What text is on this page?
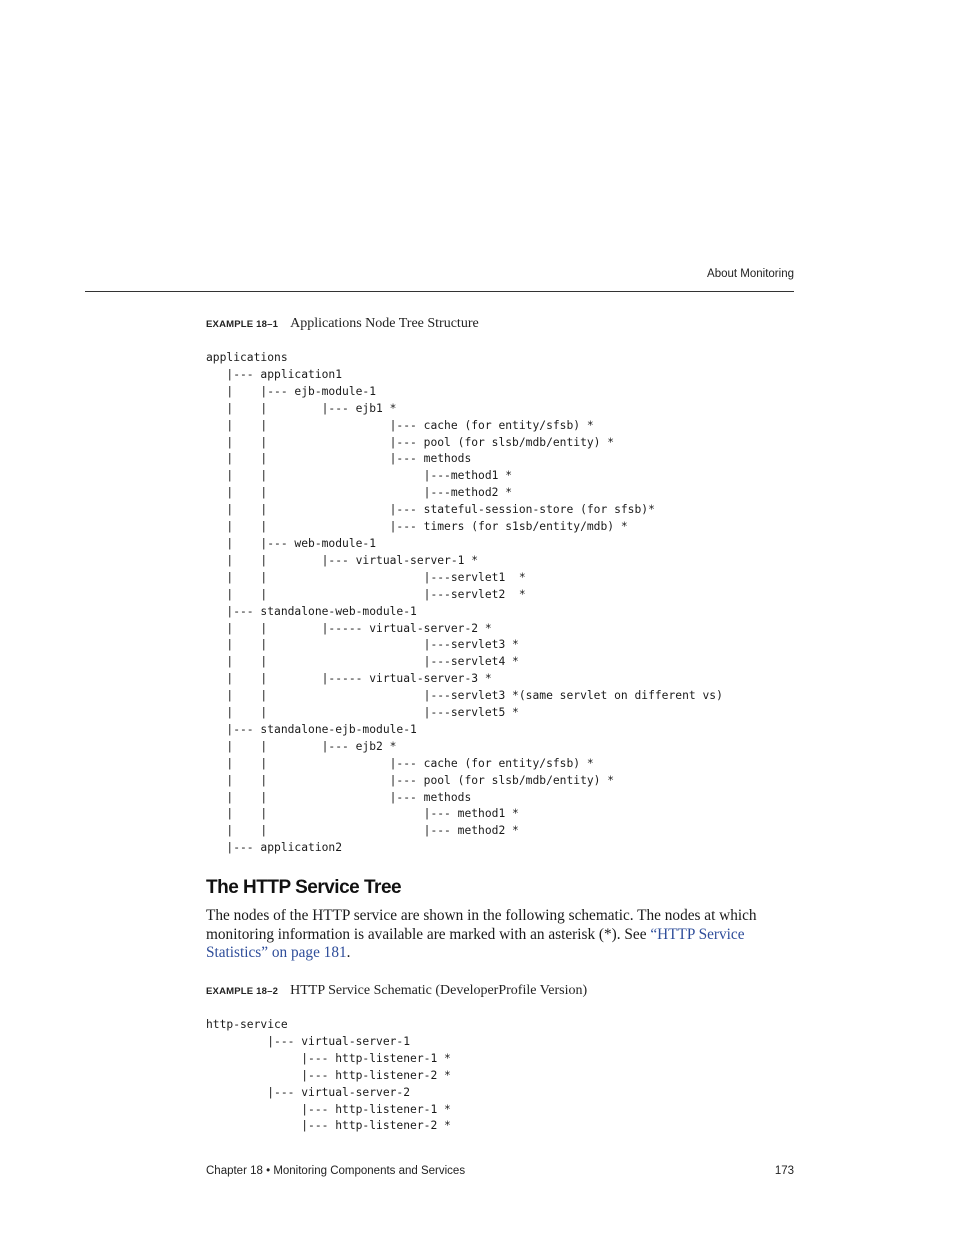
About Monitoring
EXAMPLE 18–1 Applications Node Tree Structure
applications
|--- application1
|    |--- ejb-module-1
|    |        |--- ejb1 *
|    |                  |--- cache (for entity/sfsb) *
|    |                  |--- pool (for slsb/mdb/entity) *
|    |                  |--- methods
|    |                       |---method1 *
|    |                       |---method2 *
|    |                  |--- stateful-session-store (for sfsb)*
|    |                  |--- timers (for s1sb/entity/mdb) *
|    |--- web-module-1
|    |        |--- virtual-server-1 *
|    |                       |---servlet1  *
|    |                       |---servlet2  *
|--- standalone-web-module-1
|    |        |----- virtual-server-2 *
|    |                       |---servlet3 *
|    |                       |---servlet4 *
|    |        |----- virtual-server-3 *
|    |                       |---servlet3 *(same servlet on different vs)
|    |                       |---servlet5 *
|--- standalone-ejb-module-1
|    |        |--- ejb2 *
|    |                  |--- cache (for entity/sfsb) *
|    |                  |--- pool (for slsb/mdb/entity) *
|    |                  |--- methods
|    |                       |--- method1 *
|    |                       |--- method2 *
|--- application2
The HTTP Service Tree

The nodes of the HTTP service are shown in the following schematic. The nodes at which monitoring information is available are marked with an asterisk (*). See “HTTP Service Statistics” on page 181.

EXAMPLE 18–2 HTTP Service Schematic (DeveloperProfile Version)
http-service
|--- virtual-server-1
|--- http-listener-1 *
|--- http-listener-2 *
|--- virtual-server-2
|--- http-listener-1 *
|--- http-listener-2 *
Chapter 18 • Monitoring Components and Services	173
